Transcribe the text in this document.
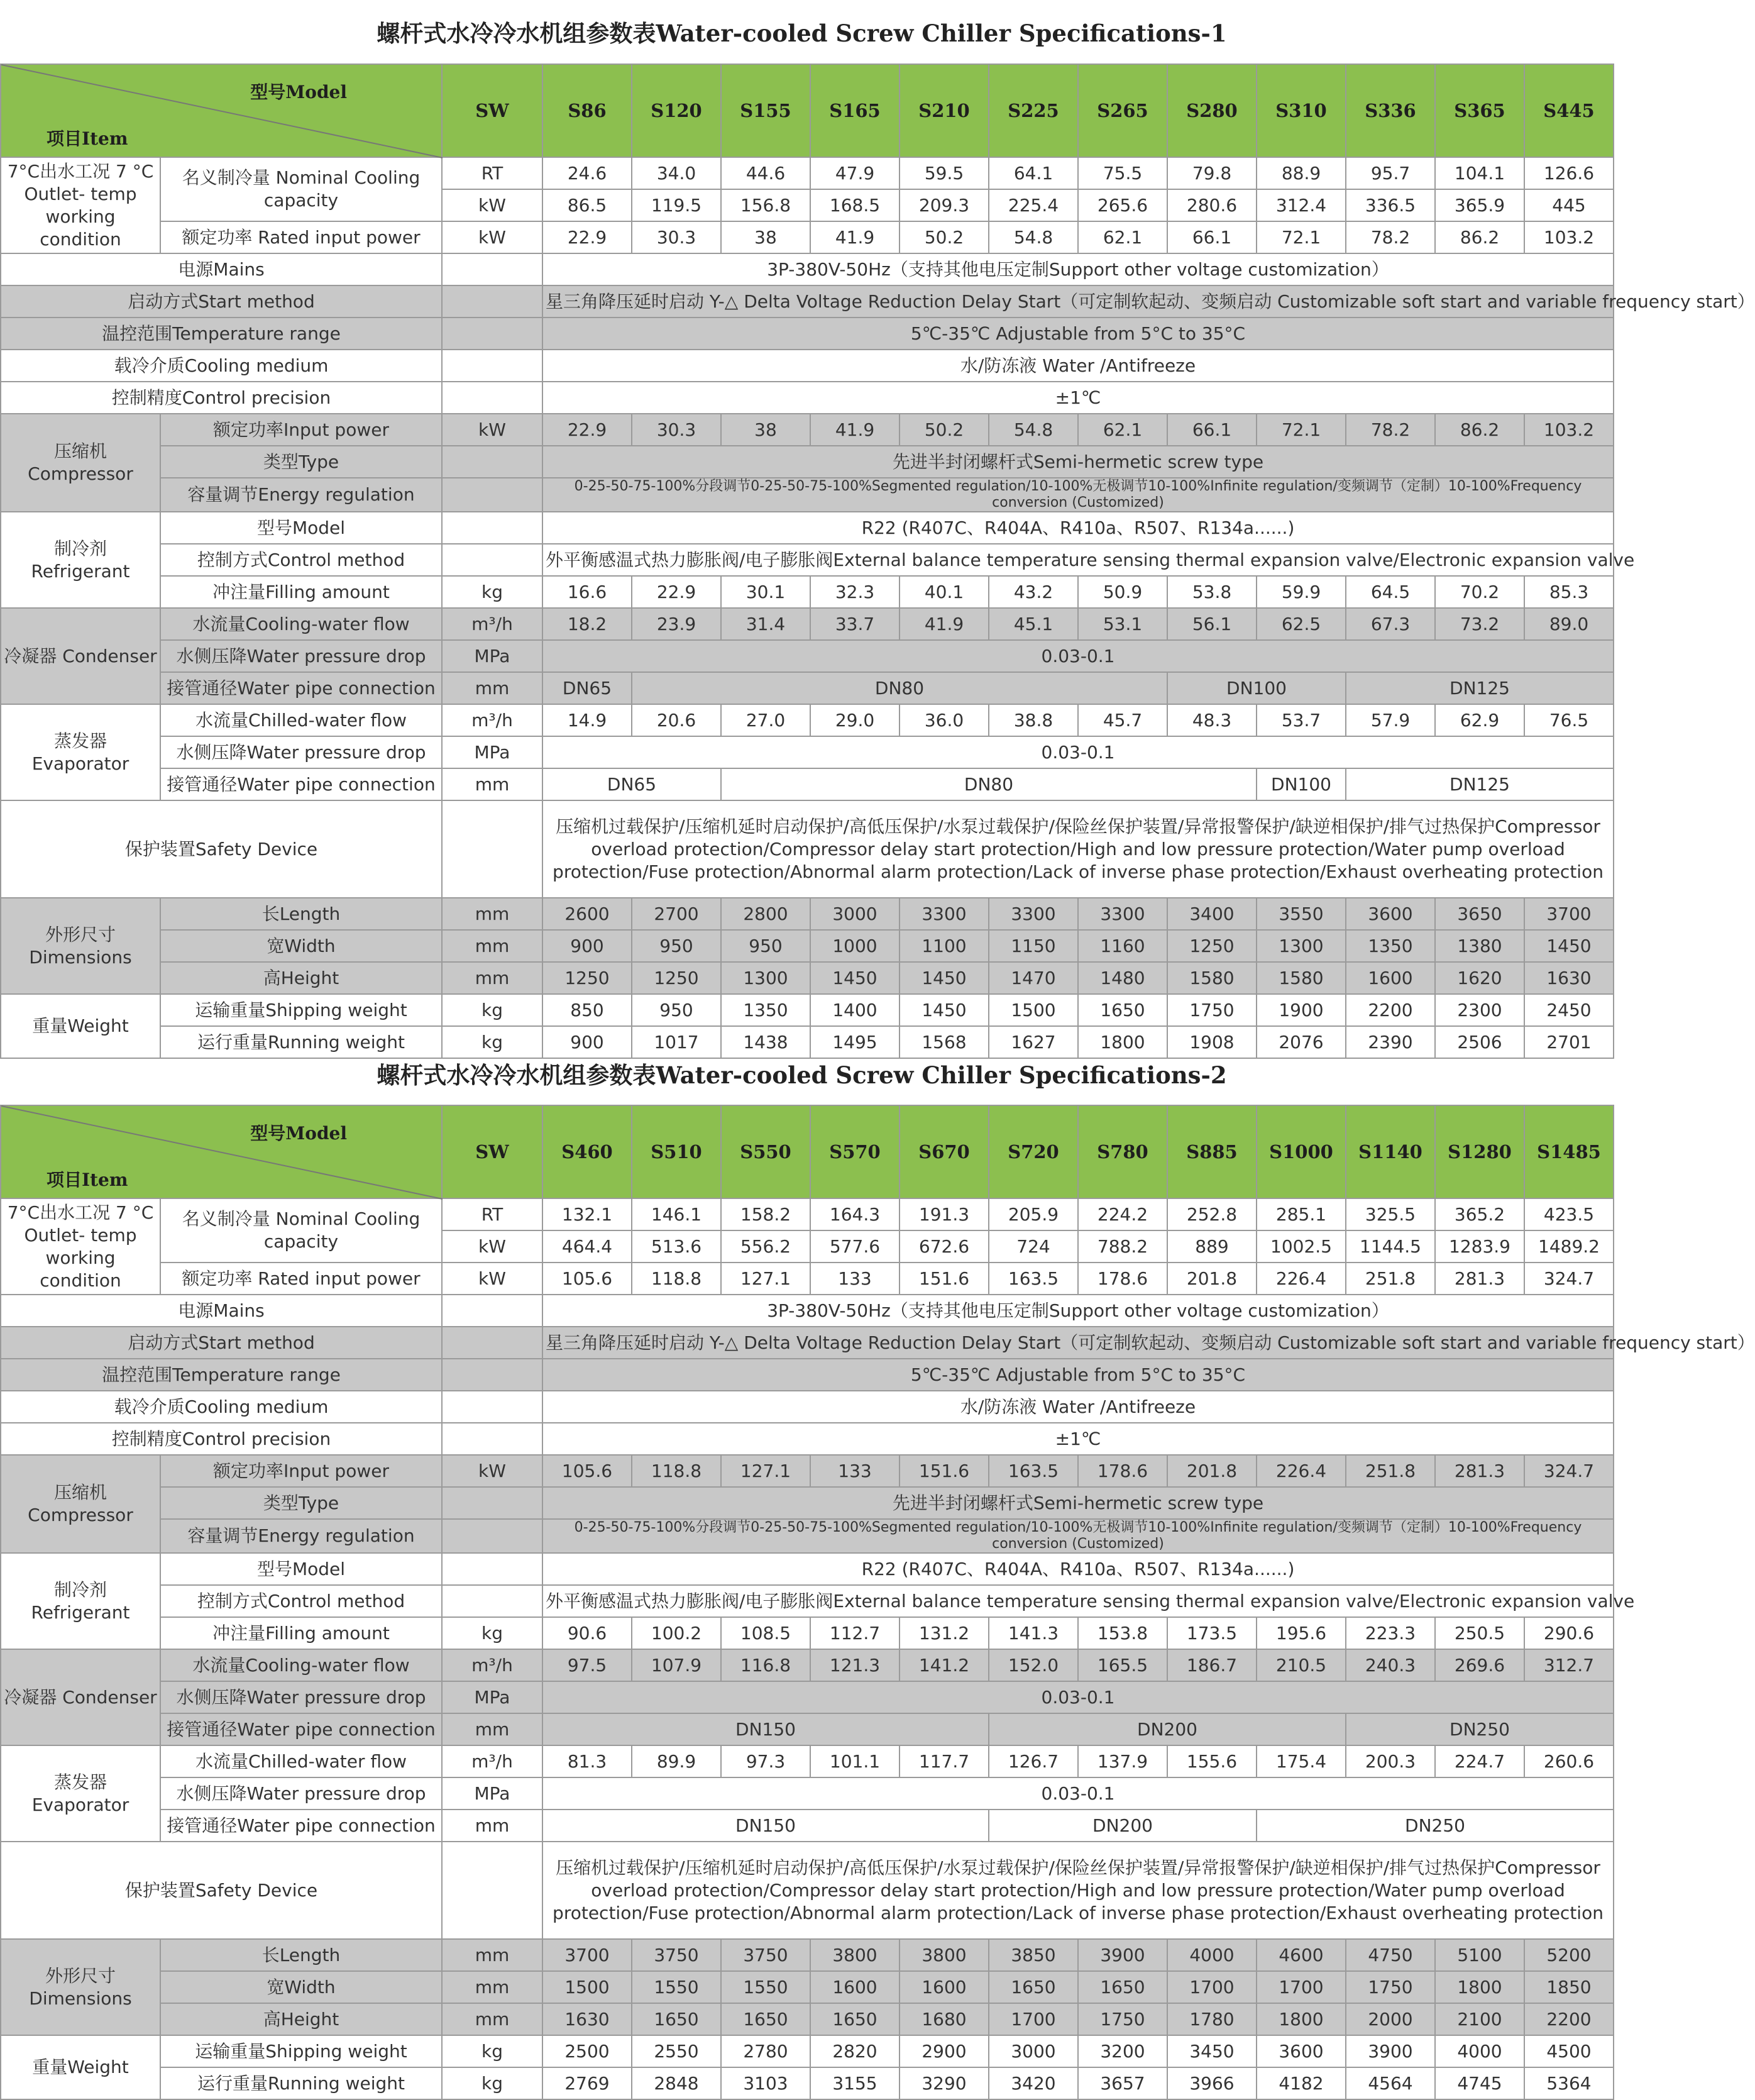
螺杆式水冷冷水机组参数表Water-cooled Screw Chiller Specifications-1
型号Model
项目Item		SW	S86	S120	S155	S165	S210	S225	S265	S280	S310	S336	S365	S445
7°C出水工况 7 °C Outlet- temp working condition	名义制冷量 Nominal Cooling capacity	RT	24.6	34.0	44.6	47.9	59.5	64.1	75.5	79.8	88.9	95.7	104.1	126.6
		kW	86.5	119.5	156.8	168.5	209.3	225.4	265.6	280.6	312.4	336.5	365.9	445
	额定功率 Rated input power	kW	22.9	30.3	38	41.9	50.2	54.8	62.1	66.1	72.1	78.2	86.2	103.2
电源Mains			3P-380V-50Hz（支持其他电压定制Support other voltage customization）											
启动方式Start method			星三角降压延时启动 Y-△ Delta Voltage Reduction Delay Start（可定制软起动、变频启动 Customizable soft start and variable frequency start）											
温控范围Temperature range			5℃-35℃ Adjustable from 5°C to 35°C											
载冷介质Cooling medium			水/防冻液 Water /Antifreeze											
控制精度Control precision			±1℃											
压缩机 Compressor	额定功率Input power	kW	22.9	30.3	38	41.9	50.2	54.8	62.1	66.1	72.1	78.2	86.2	103.2
	类型Type		先进半封闭螺杆式Semi-hermetic screw type											
	容量调节Energy regulation		0-25-50-75-100%分段调节0-25-50-75-100%Segmented regulation/10-100%无极调节10-100%Infinite regulation/变频调节（定制）10-100%Frequency conversion (Customized)											
制冷剂 Refrigerant	型号Model		R22 (R407C、R404A、R410a、R507、R134a......)											
	控制方式Control method		外平衡感温式热力膨胀阀/电子膨胀阀External balance temperature sensing thermal expansion valve/Electronic expansion valve											
	冲注量Filling amount	kg	16.6	22.9	30.1	32.3	40.1	43.2	50.9	53.8	59.9	64.5	70.2	85.3
冷凝器 Condenser	水流量Cooling-water flow	m³/h	18.2	23.9	31.4	33.7	41.9	45.1	53.1	56.1	62.5	67.3	73.2	89.0
	水侧压降Water pressure drop	MPa	0.03-0.1											
	接管通径Water pipe connection	mm	DN65	DN80						DN100		DN125		
蒸发器 Evaporator	水流量Chilled-water flow	m³/h	14.9	20.6	27.0	29.0	36.0	38.8	45.7	48.3	53.7	57.9	62.9	76.5
	水侧压降Water pressure drop	MPa	0.03-0.1											
	接管通径Water pipe connection	mm	DN65		DN80						DN100	DN125		
保护装置Safety Device			压缩机过载保护/压缩机延时启动保护/高低压保护/水泵过载保护/保险丝保护装置/异常报警保护/缺逆相保护/排气过热保护Compressor overload protection/Compressor delay start protection/High and low pressure protection/Water pump overload protection/Fuse protection/Abnormal alarm protection/Lack of inverse phase protection/Exhaust overheating protection											
外形尺寸 Dimensions	长Length	mm	2600	2700	2800	3000	3300	3300	3300	3400	3550	3600	3650	3700
	宽Width	mm	900	950	950	1000	1100	1150	1160	1250	1300	1350	1380	1450
	高Height	mm	1250	1250	1300	1450	1450	1470	1480	1580	1580	1600	1620	1630
重量Weight	运输重量Shipping weight	kg	850	950	1350	1400	1450	1500	1650	1750	1900	2200	2300	2450
	运行重量Running weight	kg	900	1017	1438	1495	1568	1627	1800	1908	2076	2390	2506	2701
螺杆式水冷冷水机组参数表Water-cooled Screw Chiller Specifications-2
型号Model
项目Item		SW	S460	S510	S550	S570	S670	S720	S780	S885	S1000	S1140	S1280	S1485
7°C出水工况 7 °C Outlet- temp working condition	名义制冷量 Nominal Cooling capacity	RT	132.1	146.1	158.2	164.3	191.3	205.9	224.2	252.8	285.1	325.5	365.2	423.5
		kW	464.4	513.6	556.2	577.6	672.6	724	788.2	889	1002.5	1144.5	1283.9	1489.2
	额定功率 Rated input power	kW	105.6	118.8	127.1	133	151.6	163.5	178.6	201.8	226.4	251.8	281.3	324.7
电源Mains			3P-380V-50Hz（支持其他电压定制Support other voltage customization）											
启动方式Start method			星三角降压延时启动 Y-△ Delta Voltage Reduction Delay Start（可定制软起动、变频启动 Customizable soft start and variable frequency start）											
温控范围Temperature range			5℃-35℃ Adjustable from 5°C to 35°C											
载冷介质Cooling medium			水/防冻液 Water /Antifreeze											
控制精度Control precision			±1℃											
压缩机 Compressor	额定功率Input power	kW	105.6	118.8	127.1	133	151.6	163.5	178.6	201.8	226.4	251.8	281.3	324.7
	类型Type		先进半封闭螺杆式Semi-hermetic screw type											
	容量调节Energy regulation		0-25-50-75-100%分段调节0-25-50-75-100%Segmented regulation/10-100%无极调节10-100%Infinite regulation/变频调节（定制）10-100%Frequency conversion (Customized)											
制冷剂 Refrigerant	型号Model		R22 (R407C、R404A、R410a、R507、R134a......)											
	控制方式Control method		外平衡感温式热力膨胀阀/电子膨胀阀External balance temperature sensing thermal expansion valve/Electronic expansion valve											
	冲注量Filling amount	kg	90.6	100.2	108.5	112.7	131.2	141.3	153.8	173.5	195.6	223.3	250.5	290.6
冷凝器 Condenser	水流量Cooling-water flow	m³/h	97.5	107.9	116.8	121.3	141.2	152.0	165.5	186.7	210.5	240.3	269.6	312.7
	水侧压降Water pressure drop	MPa	0.03-0.1											
	接管通径Water pipe connection	mm	DN150					DN200				DN250		
蒸发器 Evaporator	水流量Chilled-water flow	m³/h	81.3	89.9	97.3	101.1	117.7	126.7	137.9	155.6	175.4	200.3	224.7	260.6
	水侧压降Water pressure drop	MPa	0.03-0.1											
	接管通径Water pipe connection	mm	DN150					DN200			DN250			
保护装置Safety Device			压缩机过载保护/压缩机延时启动保护/高低压保护/水泵过载保护/保险丝保护装置/异常报警保护/缺逆相保护/排气过热保护Compressor overload protection/Compressor delay start protection/High and low pressure protection/Water pump overload protection/Fuse protection/Abnormal alarm protection/Lack of inverse phase protection/Exhaust overheating protection											
外形尺寸 Dimensions	长Length	mm	3700	3750	3750	3800	3800	3850	3900	4000	4600	4750	5100	5200
	宽Width	mm	1500	1550	1550	1600	1600	1650	1650	1700	1700	1750	1800	1850
	高Height	mm	1630	1650	1650	1650	1680	1700	1750	1780	1800	2000	2100	2200
重量Weight	运输重量Shipping weight	kg	2500	2550	2780	2820	2900	3000	3200	3450	3600	3900	4000	4500
	运行重量Running weight	kg	2769	2848	3103	3155	3290	3420	3657	3966	4182	4564	4745	5364
